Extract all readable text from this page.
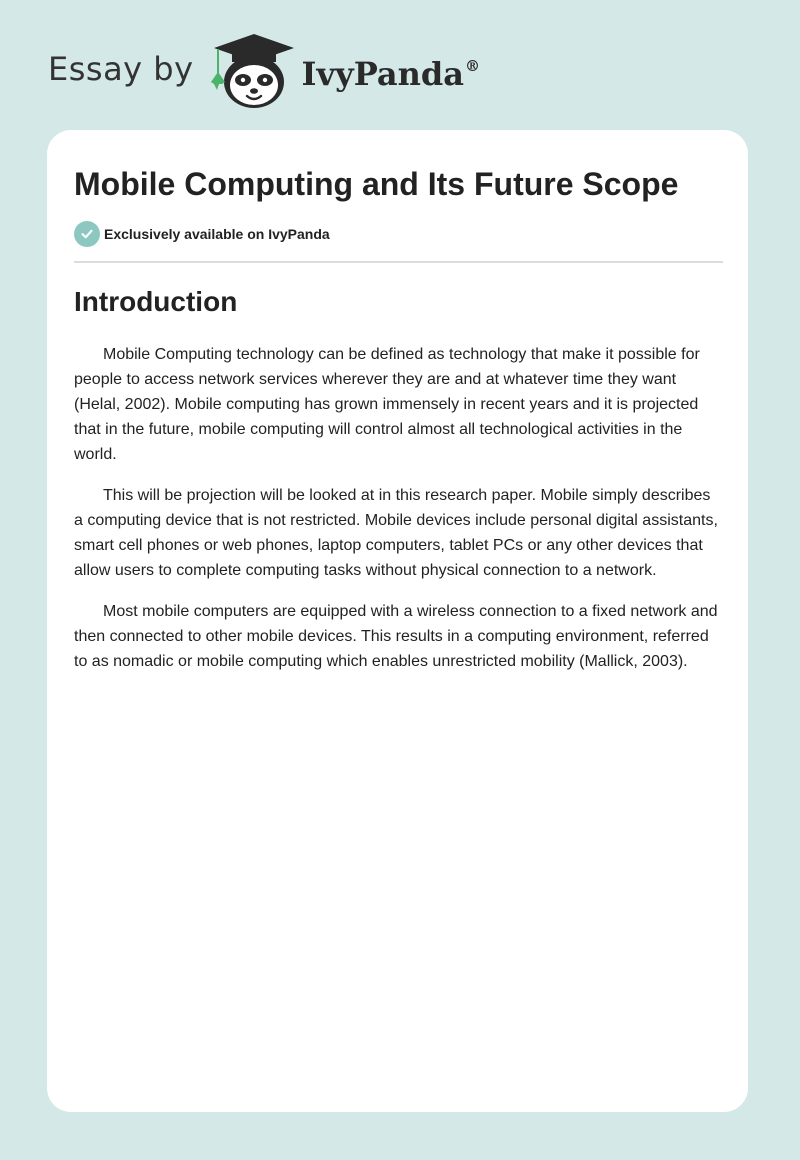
Essay by	IvyPanda®
Mobile Computing and Its Future Scope
Exclusively available on IvyPanda
Introduction

Mobile Computing technology can be defined as technology that make it possible for people to access network services wherever they are and at whatever time they want (Helal, 2002). Mobile computing has grown immensely in recent years and it is projected that in the future, mobile computing will control almost all technological activities in the world.

This will be projection will be looked at in this research paper. Mobile simply describes a computing device that is not restricted. Mobile devices include personal digital assistants, smart cell phones or web phones, laptop computers, tablet PCs or any other devices that allow users to complete computing tasks without physical connection to a network.

Most mobile computers are equipped with a wireless connection to a fixed network and then connected to other mobile devices. This results in a computing environment, referred to as nomadic or mobile computing which enables unrestricted mobility (Mallick, 2003).
